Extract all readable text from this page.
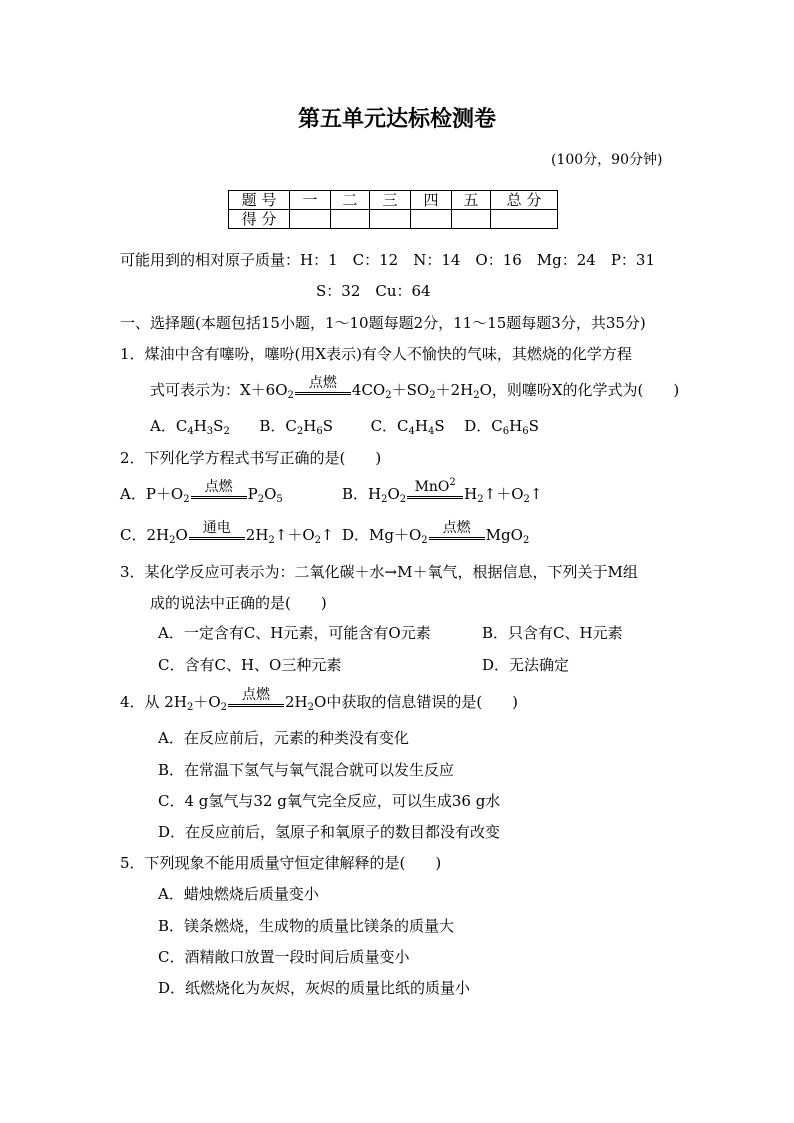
第五单元达标检测卷
(100分，90分钟)
题 号	一	二	三	四	五	总 分
得 分						
可能用到的相对原子质量：H：1　C：12　N：14　O：16　Mg：24　P：31
S：32　Cu：64
一、选择题(本题包括15小题，1～10题每题2分，11～15题每题3分，共35分)
1．煤油中含有噻吩，噻吩(用X表示)有令人不愉快的气味，其燃烧的化学方程
式可表示为：$X+6O_2$
点燃	$4CO_2+SO_2+2H_2O$，则噻吩X的化学式为(　　)
A．$C_4H_3S_2$ B．$C_2H_6S$	C．$C_4H_4S$ D．$C_6H_6S$
2．下列化学方程式书写正确的是(　　)
A．$P+O_2$
点燃	$P_2O_5$	B．$H_2O_2$
MnO$^2$
$H_2↑+O_2↑$
C．$2H_2O$	通电	$2H_2↑+O_2↑$ D．$Mg+O_2$
点燃	MgO$_2$
3．某化学反应可表示为：二氧化碳＋水→M＋氧气，根据信息，下列关于M组
成的说法中正确的是(　　)
A．一定含有C、H元素，可能含有O元素	B．只含有C、H元素
C．含有C、H、O三种元素	D．无法确定
4．从 $2H_2+O_2$
点燃	$2H_2O$中获取的信息错误的是(　　)
A．在反应前后，元素的种类没有变化
B．在常温下氢气与氧气混合就可以发生反应
C．4 g氢气与32 g氧气完全反应，可以生成36 g水
D．在反应前后，氢原子和氧原子的数目都没有改变
5．下列现象不能用质量守恒定律解释的是(　　)
A．蜡烛燃烧后质量变小
B．镁条燃烧，生成物的质量比镁条的质量大
C．酒精敞口放置一段时间后质量变小
D．纸燃烧化为灰烬，灰烬的质量比纸的质量小
